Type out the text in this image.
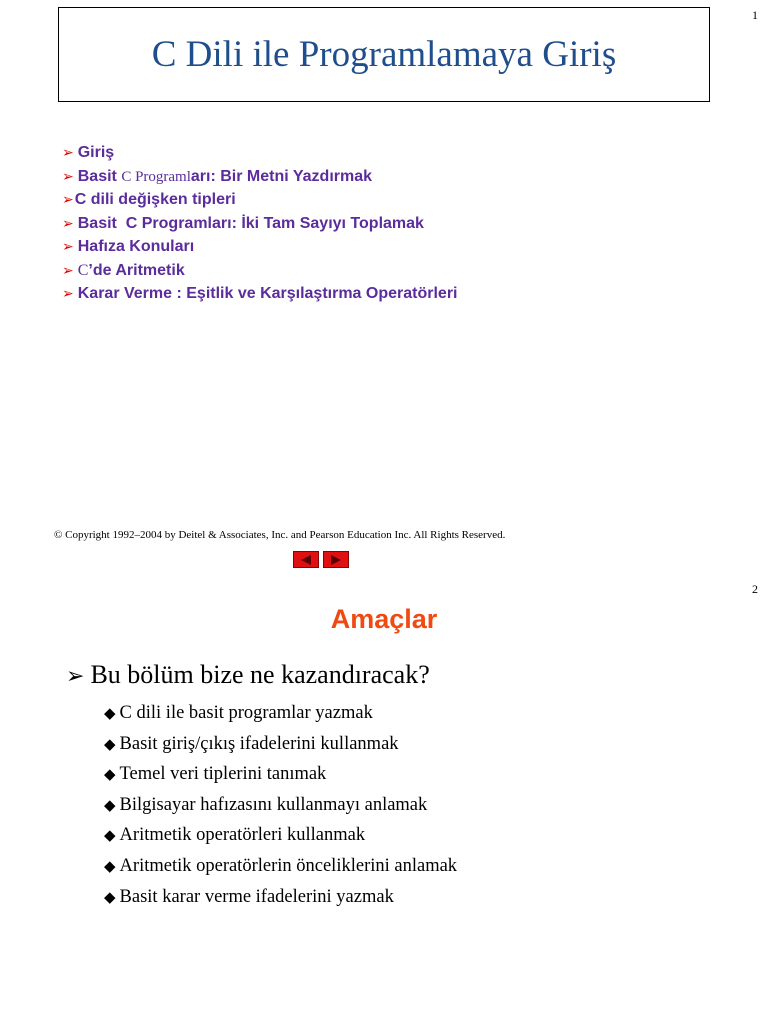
1
C Dili ile Programlamaya Giriş
➢ Giriş
➢ Basit C Programları: Bir Metni Yazdırmak
➢C dili değişken tipleri
➢ Basit  C Programları: İki Tam Sayıyı Toplamak
➢ Hafıza Konuları
➢ C’de Aritmetik
➢ Karar Verme : Eşitlik ve Karşılaştırma Operatörleri
© Copyright 1992–2004 by Deitel & Associates, Inc. and Pearson Education Inc. All Rights Reserved.
2
Amaçlar
➢ Bu bölüm bize ne kazandıracak?
◆ C dili ile basit programlar yazmak
◆ Basit giriş/çıkış ifadelerini kullanmak
◆ Temel veri tiplerini tanımak
◆ Bilgisayar hafızasını kullanmayı anlamak
◆ Aritmetik operatörleri kullanmak
◆ Aritmetik operatörlerin önceliklerini anlamak
◆ Basit karar verme ifadelerini yazmak
